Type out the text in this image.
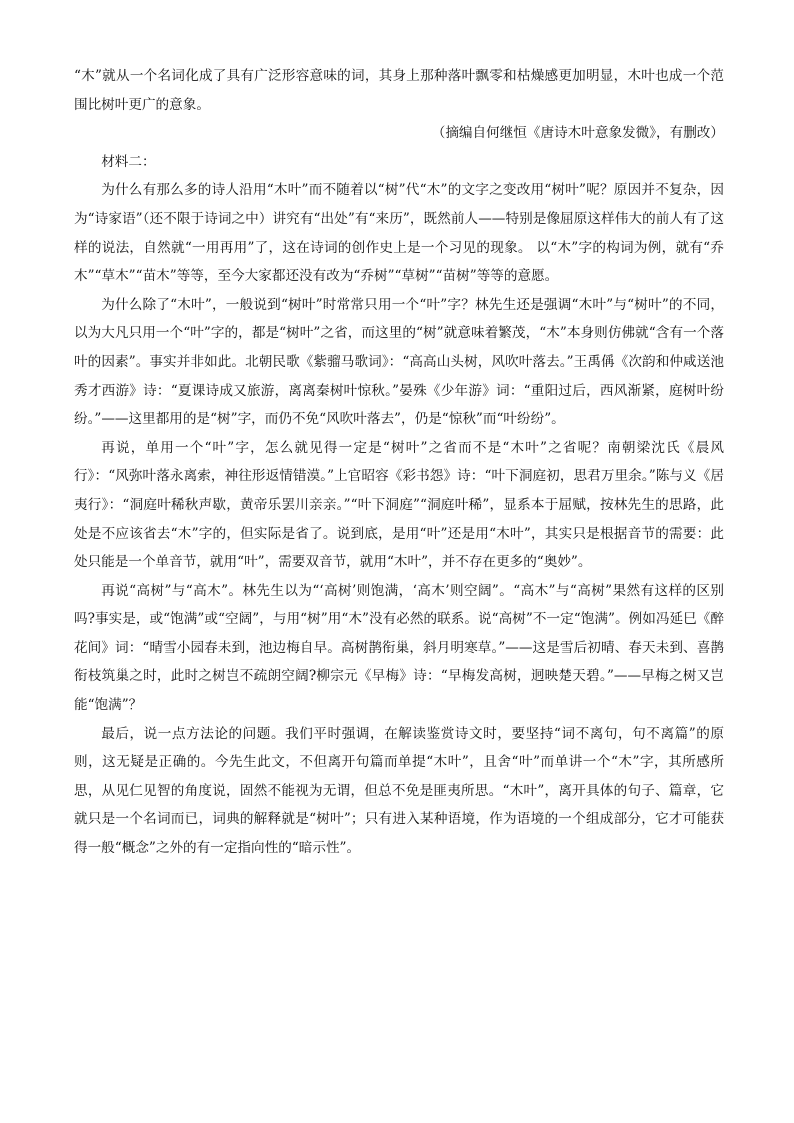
“木”就从一个名词化成了具有广泛形容意味的词，其身上那种落叶飘零和枯燥感更加明显，木叶也成一个范围比树叶更广的意象。

（摘编自何继恒《唐诗木叶意象发微》，有删改）

材料二：

为什么有那么多的诗人沿用“木叶”而不随着以“树”代“木”的文字之变改用“树叶”呢？原因并不复杂，因为“诗家语”（还不限于诗词之中）讲究有“出处”有“来历”，既然前人——特别是像屈原这样伟大的前人有了这样的说法，自然就“一用再用”了，这在诗词的创作史上是一个习见的现象。 以“木”字的构词为例，就有“乔木”“草木”“苗木”等等，至今大家都还没有改为“乔树”“草树”“苗树”等等的意愿。

为什么除了“木叶”，一般说到“树叶”时常常只用一个“叶”字？林先生还是强调“木叶”与“树叶”的不同，以为大凡只用一个“叶”字的，都是“树叶”之省，而这里的“树”就意味着繁茂，“木”本身则仿佛就“含有一个落叶的因素”。事实并非如此。北朝民歌《紫骝马歌词》：“高高山头树，风吹叶落去。”王禹偁《次韵和仲咸送池秀才西游》诗：“夏课诗成又旅游，离离秦树叶惊秋。”晏殊《少年游》词：“重阳过后，西风渐紧，庭树叶纷纷。”——这里都用的是“树”字，而仍不免“风吹叶落去”，仍是“惊秋”而“叶纷纷”。

再说，单用一个“叶”字，怎么就见得一定是“树叶”之省而不是“木叶”之省呢？南朝梁沈氏《晨风行》：“风弥叶落永离索，神往形返情错漠。”上官昭容《彩书怨》诗：“叶下洞庭初，思君万里余。”陈与义《居夷行》：“洞庭叶稀秋声歇，黄帝乐罢川亲亲。”“叶下洞庭”“洞庭叶稀”，显系本于屈赋，按林先生的思路，此处是不应该省去“木”字的，但实际是省了。说到底，是用“叶”还是用“木叶”，其实只是根据音节的需要：此处只能是一个单音节，就用“叶”，需要双音节，就用“木叶”，并不存在更多的“奥妙”。

再说“高树”与“高木”。林先生以为“‘高树’则饱满，‘高木’则空阔”。“高木”与“高树”果然有这样的区别吗?事实是，或“饱满”或“空阔”，与用“树”用“木”没有必然的联系。说“高树”不一定“饱满”。例如冯延巳《醉花间》词：“晴雪小园春未到，池边梅自早。高树鹊衔巢，斜月明寒草。”——这是雪后初晴、春天未到、喜鹊衔枝筑巢之时，此时之树岂不疏朗空阔?柳宗元《早梅》诗：“早梅发高树，迥映楚天碧。”——早梅之树又岂能“饱满”？

最后，说一点方法论的问题。我们平时强调，在解读鉴赏诗文时，要坚持“词不离句，句不离篇”的原则，这无疑是正确的。今先生此文，不但离开句篇而单提“木叶”，且舍“叶”而单讲一个“木”字，其所感所思，从见仁见智的角度说，固然不能视为无谓，但总不免是匪夷所思。“木叶”，离开具体的句子、篇章，它就只是一个名词而已，词典的解释就是“树叶”；只有进入某种语境，作为语境的一个组成部分，它才可能获得一般“概念”之外的有一定指向性的“暗示性”。
